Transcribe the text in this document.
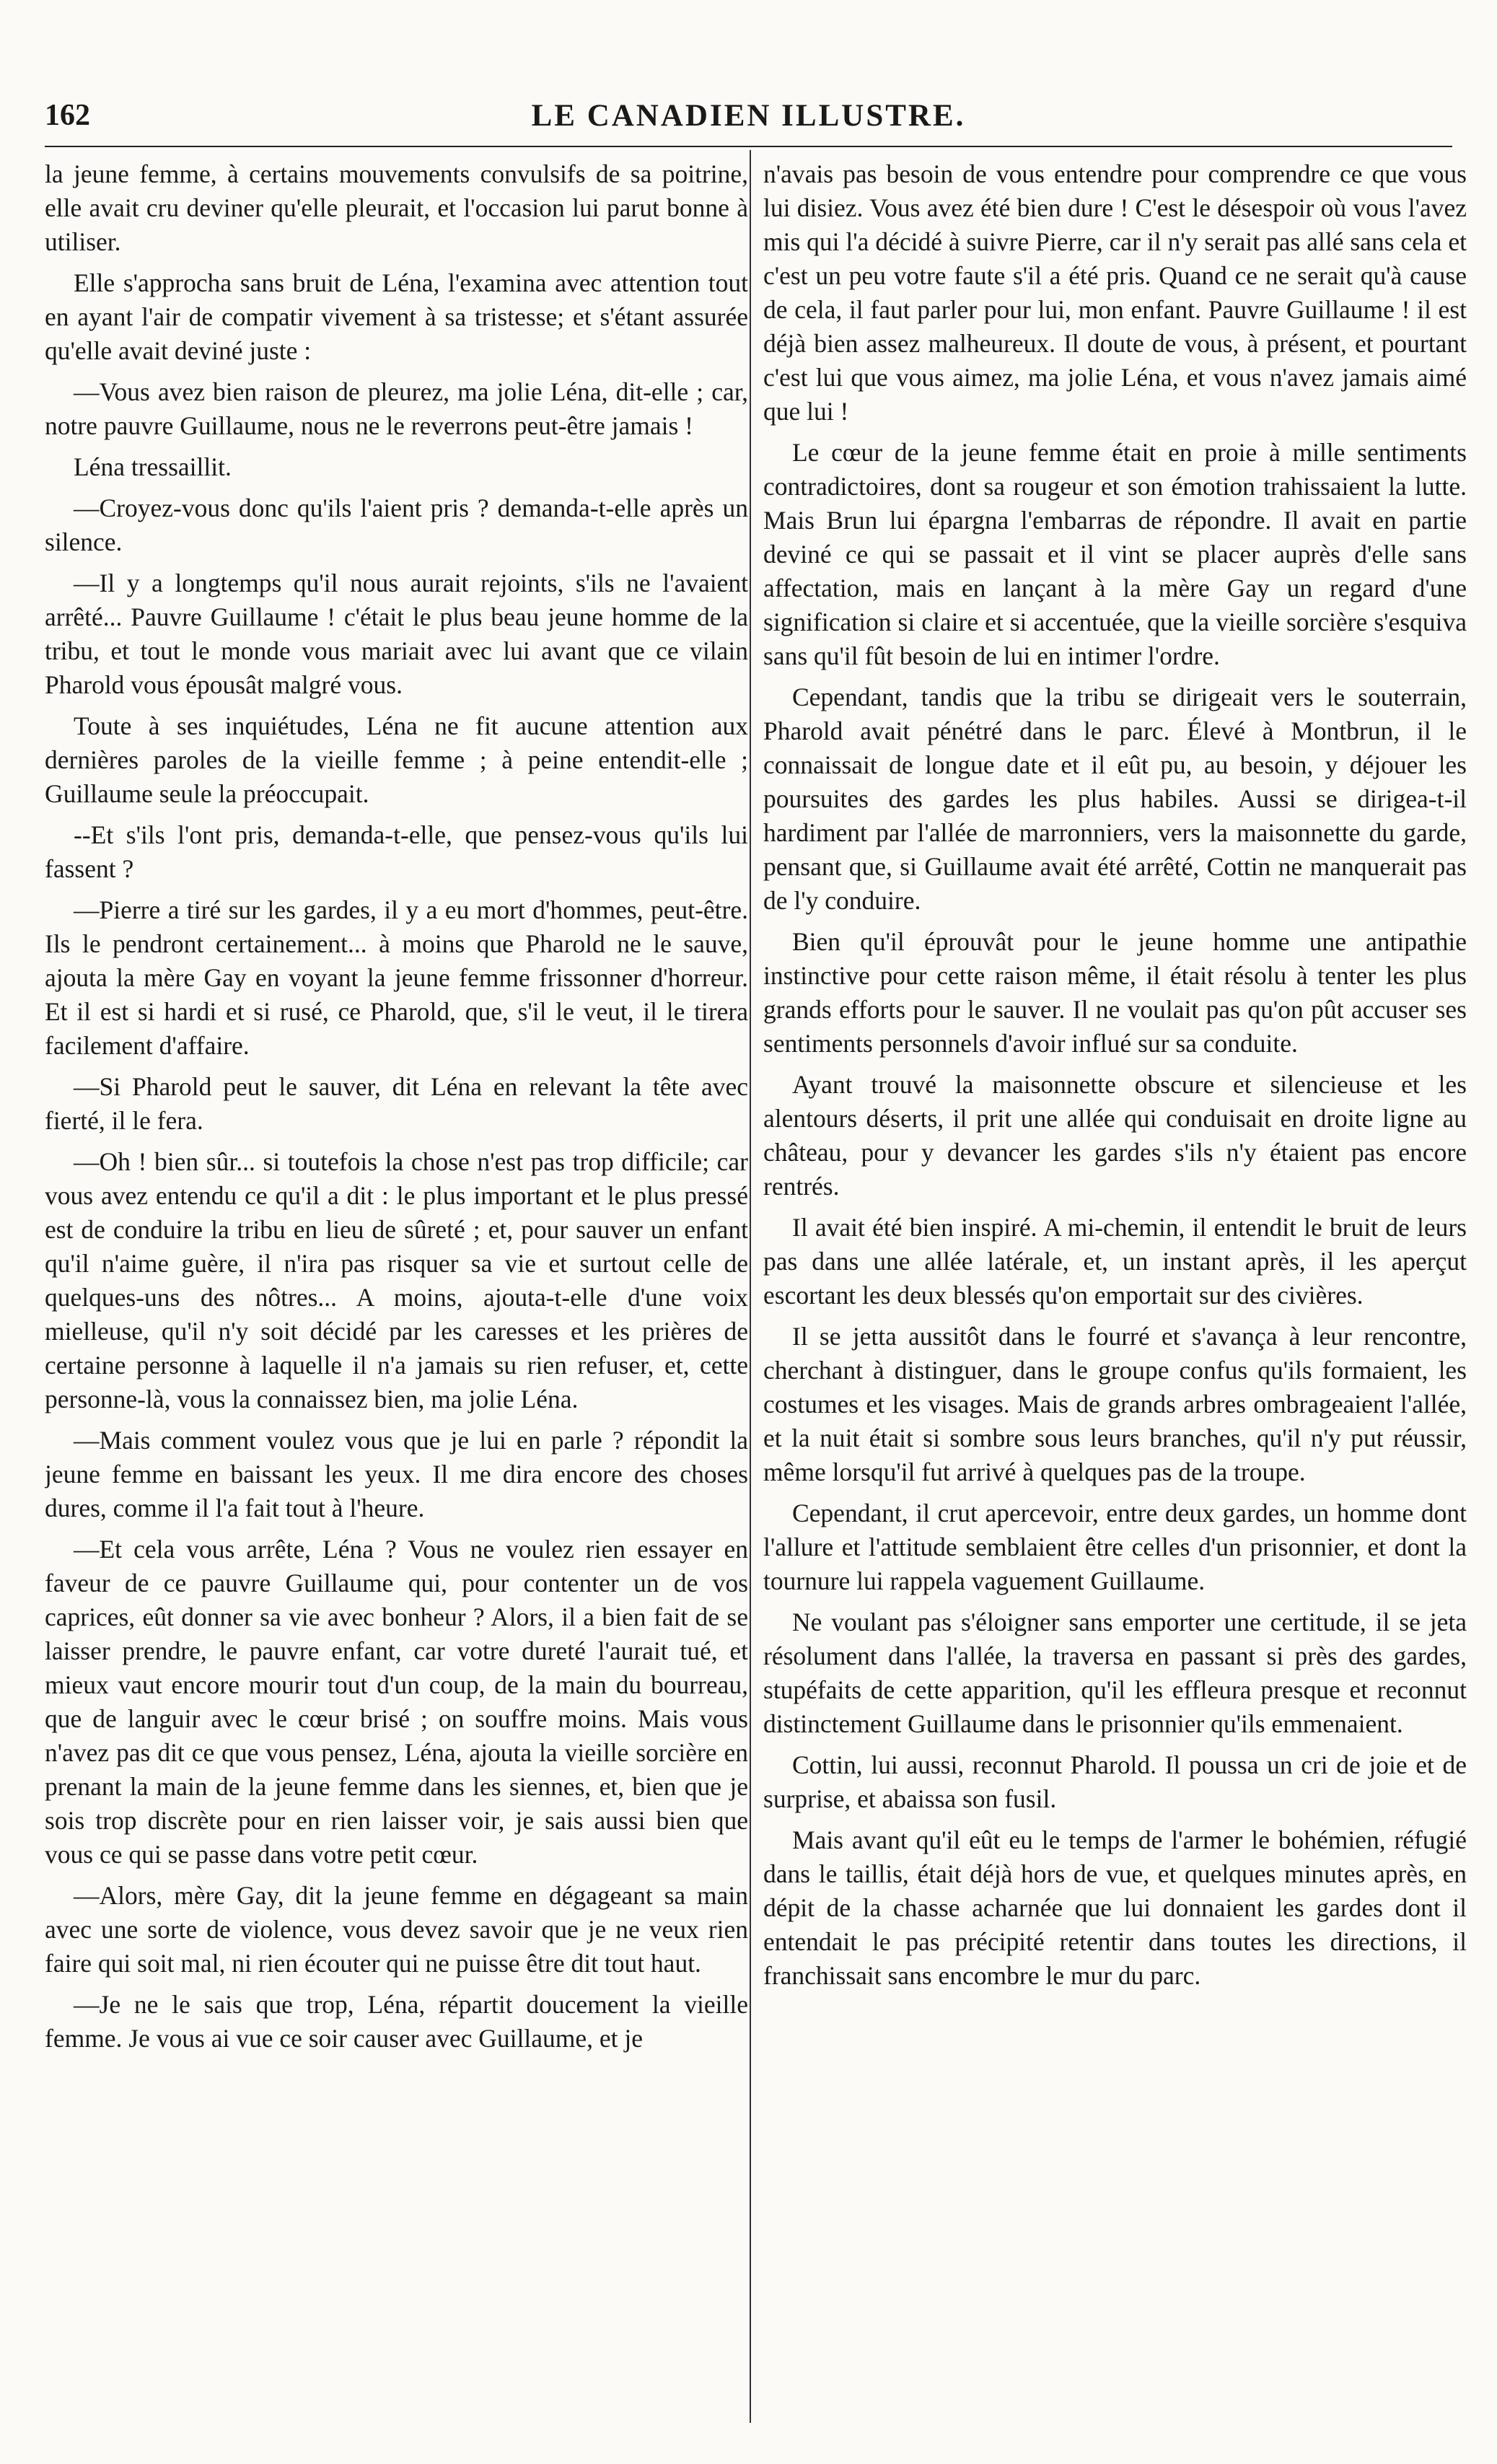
162	LE CANADIEN ILLUSTRE.

la jeune femme, à certains mouvements convulsifs de sa poitrine, elle avait cru deviner qu'elle pleurait, et l'occasion lui parut bonne à utiliser.

Elle s'approcha sans bruit de Léna, l'examina avec attention tout en ayant l'air de compatir vivement à sa tristesse; et s'étant assurée qu'elle avait deviné juste :

—Vous avez bien raison de pleurez, ma jolie Léna, dit-elle ; car, notre pauvre Guillaume, nous ne le reverrons peut-être jamais !

Léna tressaillit.

—Croyez-vous donc qu'ils l'aient pris ? demanda-t-elle après un silence.

—Il y a longtemps qu'il nous aurait rejoints, s'ils ne l'avaient arrêté... Pauvre Guillaume ! c'était le plus beau jeune homme de la tribu, et tout le monde vous mariait avec lui avant que ce vilain Pharold vous épousât malgré vous.

Toute à ses inquiétudes, Léna ne fit aucune attention aux dernières paroles de la vieille femme ; à peine entendit-elle ; Guillaume seule la préoccupait.

--Et s'ils l'ont pris, demanda-t-elle, que pensez-vous qu'ils lui fassent ?

—Pierre a tiré sur les gardes, il y a eu mort d'hommes, peut-être. Ils le pendront certainement... à moins que Pharold ne le sauve, ajouta la mère Gay en voyant la jeune femme frissonner d'horreur. Et il est si hardi et si rusé, ce Pharold, que, s'il le veut, il le tirera facilement d'affaire.

—Si Pharold peut le sauver, dit Léna en relevant la tête avec fierté, il le fera.

—Oh ! bien sûr... si toutefois la chose n'est pas trop difficile; car vous avez entendu ce qu'il a dit : le plus important et le plus pressé est de conduire la tribu en lieu de sûreté ; et, pour sauver un enfant qu'il n'aime guère, il n'ira pas risquer sa vie et surtout celle de quelques-uns des nôtres... A moins, ajouta-t-elle d'une voix mielleuse, qu'il n'y soit décidé par les caresses et les prières de certaine personne à laquelle il n'a jamais su rien refuser, et, cette personne-là, vous la connaissez bien, ma jolie Léna.

—Mais comment voulez vous que je lui en parle ? répondit la jeune femme en baissant les yeux. Il me dira encore des choses dures, comme il l'a fait tout à l'heure.

—Et cela vous arrête, Léna ? Vous ne voulez rien essayer en faveur de ce pauvre Guillaume qui, pour contenter un de vos caprices, eût donner sa vie avec bonheur ? Alors, il a bien fait de se laisser prendre, le pauvre enfant, car votre dureté l'aurait tué, et mieux vaut encore mourir tout d'un coup, de la main du bourreau, que de languir avec le cœur brisé ; on souffre moins. Mais vous n'avez pas dit ce que vous pensez, Léna, ajouta la vieille sorcière en prenant la main de la jeune femme dans les siennes, et, bien que je sois trop discrète pour en rien laisser voir, je sais aussi bien que vous ce qui se passe dans votre petit cœur.

—Alors, mère Gay, dit la jeune femme en dégageant sa main avec une sorte de violence, vous devez savoir que je ne veux rien faire qui soit mal, ni rien écouter qui ne puisse être dit tout haut.

—Je ne le sais que trop, Léna, répartit doucement la vieille femme. Je vous ai vue ce soir causer avec Guillaume, et je

n'avais pas besoin de vous entendre pour comprendre ce que vous lui disiez. Vous avez été bien dure ! C'est le désespoir où vous l'avez mis qui l'a décidé à suivre Pierre, car il n'y serait pas allé sans cela et c'est un peu votre faute s'il a été pris. Quand ce ne serait qu'à cause de cela, il faut parler pour lui, mon enfant. Pauvre Guillaume ! il est déjà bien assez malheureux. Il doute de vous, à présent, et pourtant c'est lui que vous aimez, ma jolie Léna, et vous n'avez jamais aimé que lui !

Le cœur de la jeune femme était en proie à mille sentiments contradictoires, dont sa rougeur et son émotion trahissaient la lutte. Mais Brun lui épargna l'embarras de répondre. Il avait en partie deviné ce qui se passait et il vint se placer auprès d'elle sans affectation, mais en lançant à la mère Gay un regard d'une signification si claire et si accentuée, que la vieille sorcière s'esquiva sans qu'il fût besoin de lui en intimer l'ordre.

Cependant, tandis que la tribu se dirigeait vers le souterrain, Pharold avait pénétré dans le parc. Élevé à Montbrun, il le connaissait de longue date et il eût pu, au besoin, y déjouer les poursuites des gardes les plus habiles. Aussi se dirigea-t-il hardiment par l'allée de marronniers, vers la maisonnette du garde, pensant que, si Guillaume avait été arrêté, Cottin ne manquerait pas de l'y conduire.

Bien qu'il éprouvât pour le jeune homme une antipathie instinctive pour cette raison même, il était résolu à tenter les plus grands efforts pour le sauver. Il ne voulait pas qu'on pût accuser ses sentiments personnels d'avoir influé sur sa conduite.

Ayant trouvé la maisonnette obscure et silencieuse et les alentours déserts, il prit une allée qui conduisait en droite ligne au château, pour y devancer les gardes s'ils n'y étaient pas encore rentrés.

Il avait été bien inspiré. A mi-chemin, il entendit le bruit de leurs pas dans une allée latérale, et, un instant après, il les aperçut escortant les deux blessés qu'on emportait sur des civières.

Il se jetta aussitôt dans le fourré et s'avança à leur rencontre, cherchant à distinguer, dans le groupe confus qu'ils formaient, les costumes et les visages. Mais de grands arbres ombrageaient l'allée, et la nuit était si sombre sous leurs branches, qu'il n'y put réussir, même lorsqu'il fut arrivé à quelques pas de la troupe.

Cependant, il crut apercevoir, entre deux gardes, un homme dont l'allure et l'attitude semblaient être celles d'un prisonnier, et dont la tournure lui rappela vaguement Guillaume.

Ne voulant pas s'éloigner sans emporter une certitude, il se jeta résolument dans l'allée, la traversa en passant si près des gardes, stupéfaits de cette apparition, qu'il les effleura presque et reconnut distinctement Guillaume dans le prisonnier qu'ils emmenaient.

Cottin, lui aussi, reconnut Pharold. Il poussa un cri de joie et de surprise, et abaissa son fusil.

Mais avant qu'il eût eu le temps de l'armer le bohémien, réfugié dans le taillis, était déjà hors de vue, et quelques minutes après, en dépit de la chasse acharnée que lui donnaient les gardes dont il entendait le pas précipité retentir dans toutes les directions, il franchissait sans encombre le mur du parc.
